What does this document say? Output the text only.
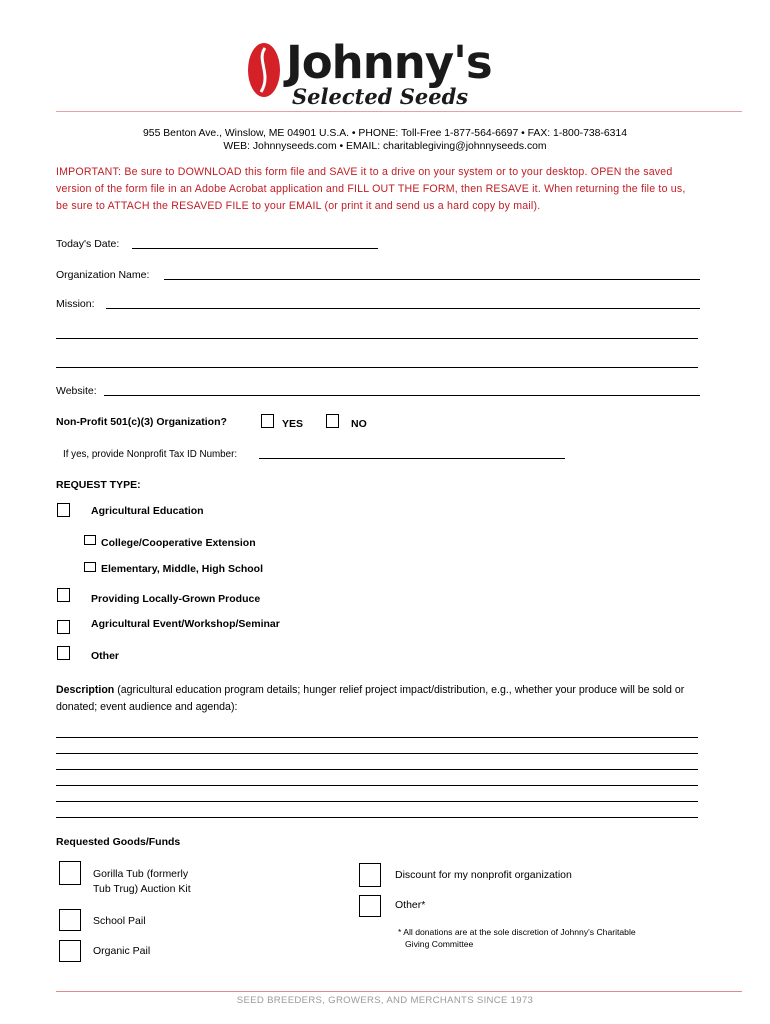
Johnny's
Selected Seeds
955 Benton Ave., Winslow, ME 04901 U.S.A. • PHONE: Toll-Free 1-877-564-6697 • FAX: 1-800-738-6314
WEB: Johnnyseeds.com • EMAIL: charitablegiving@johnnyseeds.com
IMPORTANT: Be sure to DOWNLOAD this form file and SAVE it to a drive on your system or to your desktop. OPEN the saved version of the form file in an Adobe Acrobat application and FILL OUT THE FORM, then RESAVE it. When returning the file to us, be sure to ATTACH the RESAVED FILE to your EMAIL (or print it and send us a hard copy by mail).
Today's Date:
Organization Name:
Mission:
Website:
Non-Profit 501(c)(3) Organization?	YES	NO
If yes, provide Nonprofit Tax ID Number:
REQUEST TYPE:
Agricultural Education
College/Cooperative Extension
Elementary, Middle, High School
Providing Locally-Grown Produce
Agricultural Event/Workshop/Seminar
Other
Description (agricultural education program details; hunger relief project impact/distribution, e.g., whether your produce will be sold or donated; event audience and agenda):
Requested Goods/Funds
Gorilla Tub (formerly
Tub Trug) Auction Kit
School Pail
Organic Pail
Discount for my nonprofit organization
Other*
* All donations are at the sole discretion of Johnny's Charitable
Giving Committee
SEED BREEDERS, GROWERS, AND MERCHANTS SINCE 1973
